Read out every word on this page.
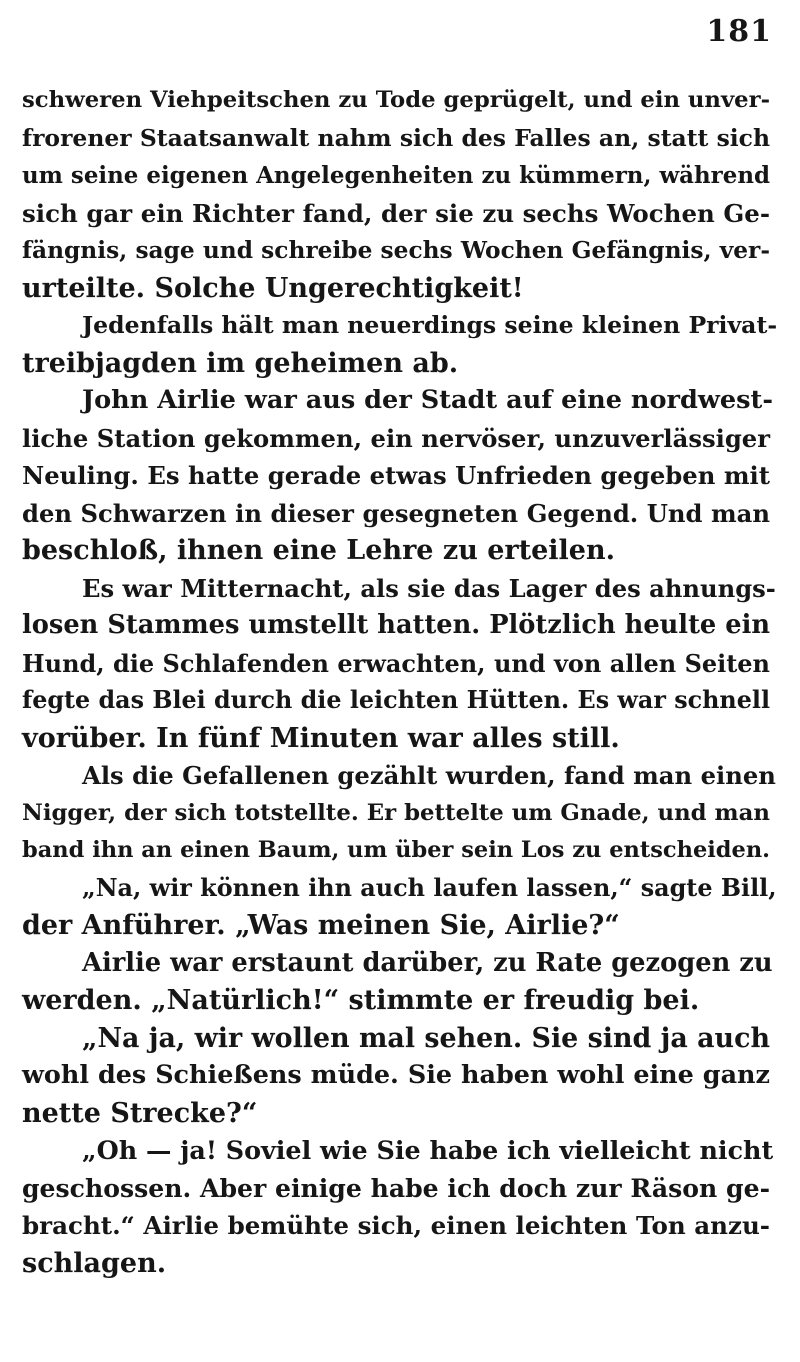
181
schweren Viehpeitschen zu Tode geprügelt, und ein unver-
frorener Staatsanwalt nahm sich des Falles an, statt sich
um seine eigenen Angelegenheiten zu kümmern, während
sich gar ein Richter fand, der sie zu sechs Wochen Ge-
fängnis, sage und schreibe sechs Wochen Gefängnis, ver-
urteilte. Solche Ungerechtigkeit!
Jedenfalls hält man neuerdings seine kleinen Privat-
treibjagden im geheimen ab.
John Airlie war aus der Stadt auf eine nordwest-
liche Station gekommen, ein nervöser, unzuverlässiger
Neuling. Es hatte gerade etwas Unfrieden gegeben mit
den Schwarzen in dieser gesegneten Gegend. Und man
beschloß, ihnen eine Lehre zu erteilen.
Es war Mitternacht, als sie das Lager des ahnungs-
losen Stammes umstellt hatten. Plötzlich heulte ein
Hund, die Schlafenden erwachten, und von allen Seiten
fegte das Blei durch die leichten Hütten. Es war schnell
vorüber. In fünf Minuten war alles still.
Als die Gefallenen gezählt wurden, fand man einen
Nigger, der sich totstellte. Er bettelte um Gnade, und man
band ihn an einen Baum, um über sein Los zu entscheiden.
„Na, wir können ihn auch laufen lassen,“ sagte Bill,
der Anführer. „Was meinen Sie, Airlie?“
Airlie war erstaunt darüber, zu Rate gezogen zu
werden. „Natürlich!“ stimmte er freudig bei.
„Na ja, wir wollen mal sehen. Sie sind ja auch
wohl des Schießens müde. Sie haben wohl eine ganz
nette Strecke?“
„Oh — ja! Soviel wie Sie habe ich vielleicht nicht
geschossen. Aber einige habe ich doch zur Räson ge-
bracht.“ Airlie bemühte sich, einen leichten Ton anzu-
schlagen.
